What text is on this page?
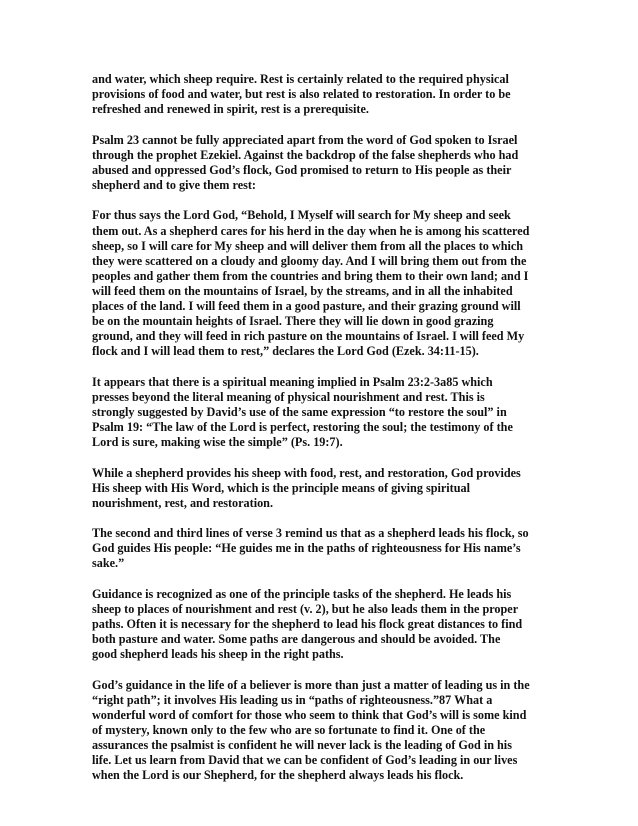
and water, which sheep require. Rest is certainly related to the required physical
provisions of food and water, but rest is also related to restoration. In order to be
refreshed and renewed in spirit, rest is a prerequisite.

Psalm 23 cannot be fully appreciated apart from the word of God spoken to Israel
through the prophet Ezekiel. Against the backdrop of the false shepherds who had
abused and oppressed God’s flock, God promised to return to His people as their
shepherd and to give them rest:

For thus says the Lord God, “Behold, I Myself will search for My sheep and seek
them out. As a shepherd cares for his herd in the day when he is among his scattered
sheep, so I will care for My sheep and will deliver them from all the places to which
they were scattered on a cloudy and gloomy day. And I will bring them out from the
peoples and gather them from the countries and bring them to their own land; and I
will feed them on the mountains of Israel, by the streams, and in all the inhabited
places of the land. I will feed them in a good pasture, and their grazing ground will
be on the mountain heights of Israel. There they will lie down in good grazing
ground, and they will feed in rich pasture on the mountains of Israel. I will feed My
flock and I will lead them to rest,” declares the Lord God (Ezek. 34:11-15).

It appears that there is a spiritual meaning implied in Psalm 23:2-3a85 which
presses beyond the literal meaning of physical nourishment and rest. This is
strongly suggested by David’s use of the same expression “to restore the soul” in
Psalm 19: “The law of the Lord is perfect, restoring the soul; the testimony of the
Lord is sure, making wise the simple” (Ps. 19:7).

While a shepherd provides his sheep with food, rest, and restoration, God provides
His sheep with His Word, which is the principle means of giving spiritual
nourishment, rest, and restoration.

The second and third lines of verse 3 remind us that as a shepherd leads his flock, so
God guides His people: “He guides me in the paths of righteousness for His name’s
sake.”

Guidance is recognized as one of the principle tasks of the shepherd. He leads his
sheep to places of nourishment and rest (v. 2), but he also leads them in the proper
paths. Often it is necessary for the shepherd to lead his flock great distances to find
both pasture and water. Some paths are dangerous and should be avoided. The
good shepherd leads his sheep in the right paths.

God’s guidance in the life of a believer is more than just a matter of leading us in the
“right path”; it involves His leading us in “paths of righteousness.”87 What a
wonderful word of comfort for those who seem to think that God’s will is some kind
of mystery, known only to the few who are so fortunate to find it. One of the
assurances the psalmist is confident he will never lack is the leading of God in his
life. Let us learn from David that we can be confident of God’s leading in our lives
when the Lord is our Shepherd, for the shepherd always leads his flock.
